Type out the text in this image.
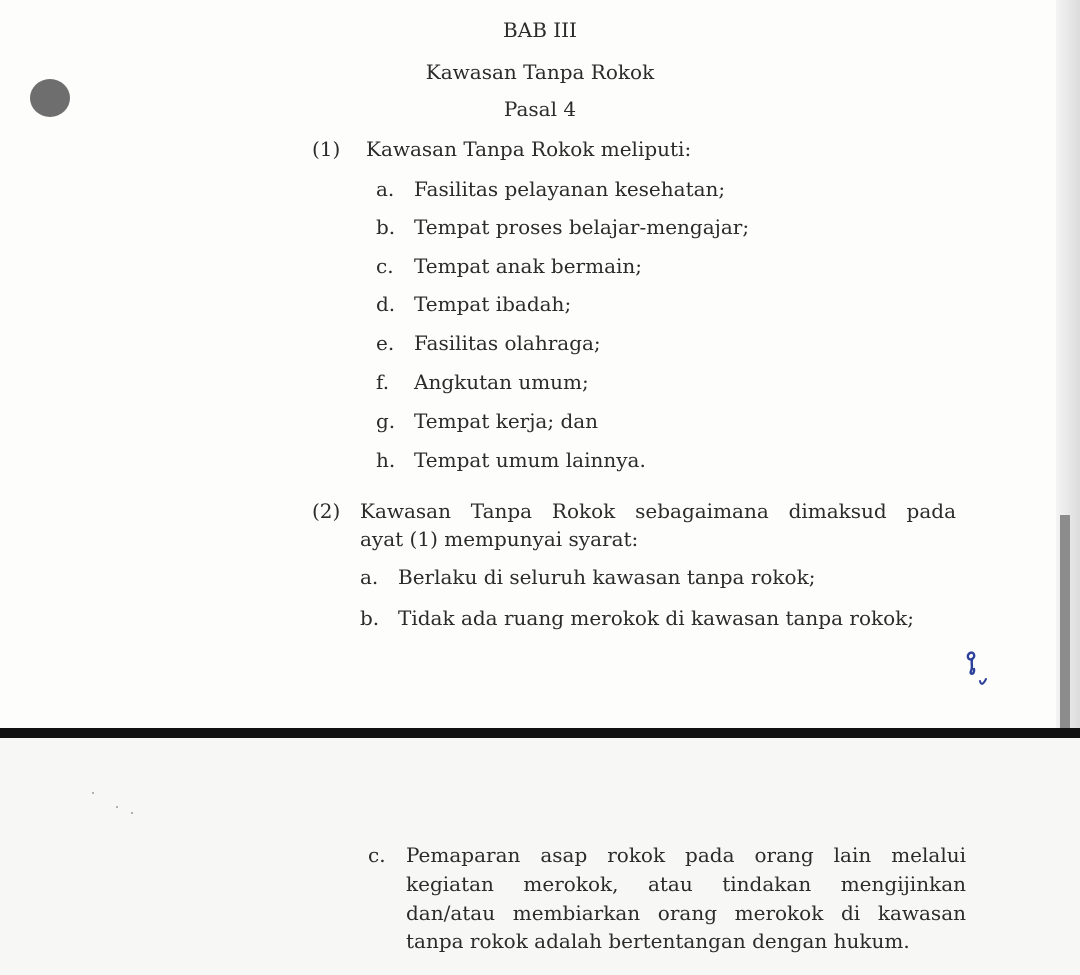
BAB III
Kawasan Tanpa Rokok
Pasal 4
(1) Kawasan Tanpa Rokok meliputi:
a. Fasilitas pelayanan kesehatan;
b. Tempat proses belajar-mengajar;
c. Tempat anak bermain;
d. Tempat ibadah;
e. Fasilitas olahraga;
f. Angkutan umum;
g. Tempat kerja; dan
h. Tempat umum lainnya.
(2) Kawasan Tanpa Rokok sebagaimana dimaksud pada
ayat (1) mempunyai syarat:
a. Berlaku di seluruh kawasan tanpa rokok;
b. Tidak ada ruang merokok di kawasan tanpa rokok;
c. Pemaparan asap rokok pada orang lain melalui
kegiatan merokok, atau tindakan mengijinkan
dan/atau membiarkan orang merokok di kawasan
tanpa rokok adalah bertentangan dengan hukum.
